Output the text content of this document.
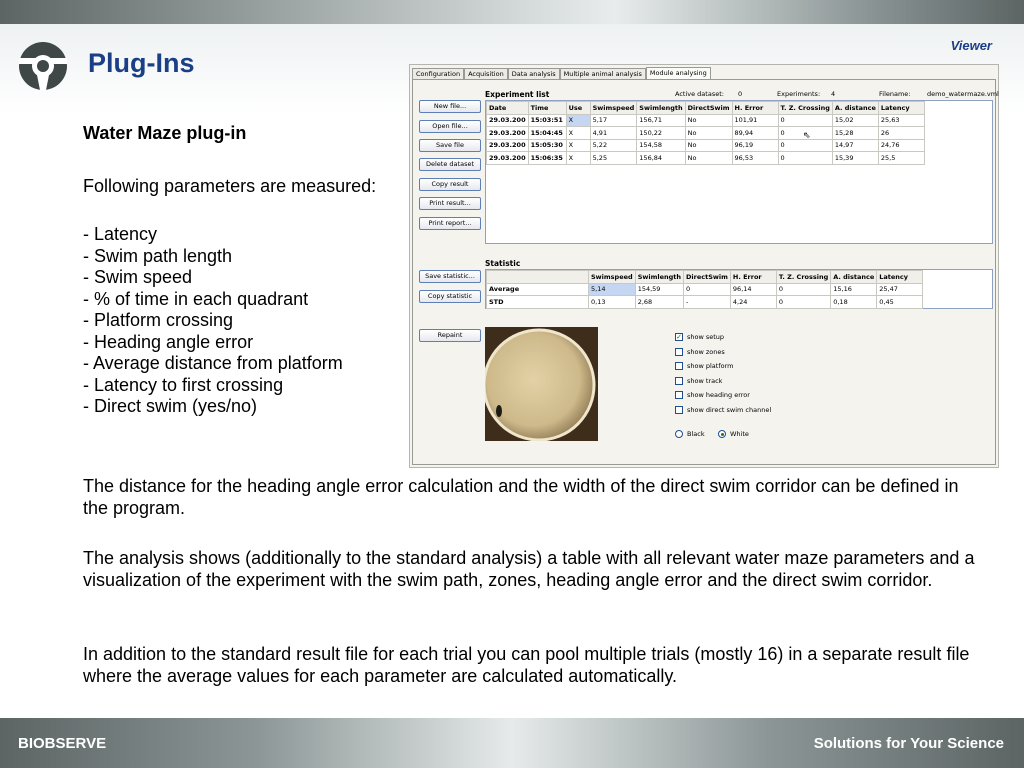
Plug-Ins
Viewer
Water Maze plug-in
Following parameters are measured:
- Latency
- Swim path length
- Swim speed
- % of time in each quadrant
- Platform crossing
- Heading angle error
- Average distance from platform
- Latency to first crossing
- Direct swim (yes/no)
Configuration	Acquisition	Data analysis	Multiple animal analysis	Module analysing
Experiment list	Active dataset: 0	Experiments: 4	Filename:	demo_watermaze.vml
New file...
Open file...
Save file
Delete dataset
Copy result
Print result...
Print report...
Date	Time	Use	Swimspeed	Swimlength	DirectSwim	H. Error	T. Z. Crossing	A. distance	Latency
29.03.200	15:03:51	X	5,17	156,71	No	101,91	0	15,02	25,63
29.03.200	15:04:45	X	4,91	150,22	No	89,94	0	15,28	26
29.03.200	15:05:30	X	5,22	154,58	No	96,19	0	14,97	24,76
29.03.200	15:06:35	X	5,25	156,84	No	96,53	0	15,39	25,5
⇖
Statistic
Save statistic...
Copy statistic
	Swimspeed	Swimlength	DirectSwim	H. Error	T. Z. Crossing	A. distance	Latency
Average	5,14	154,59	0	96,14	0	15,16	25,47
STD	0,13	2,68	-	4,24	0	0,18	0,45
Repaint	✓ show setup
show zones
show platform
show track
show heading error
show direct swim channel
Black	White
The distance for the heading angle error calculation and the width of the direct swim corridor can be defined in the program.
The analysis shows (additionally to the standard analysis) a table with all relevant water maze parameters and a visualization of the experiment with the swim path, zones, heading angle error and the direct swim corridor.
In addition to the standard result file for each trial you can pool multiple trials (mostly 16) in a separate result file where the average values for each parameter are calculated automatically.
BIOBSERVE	Solutions for Your Science
